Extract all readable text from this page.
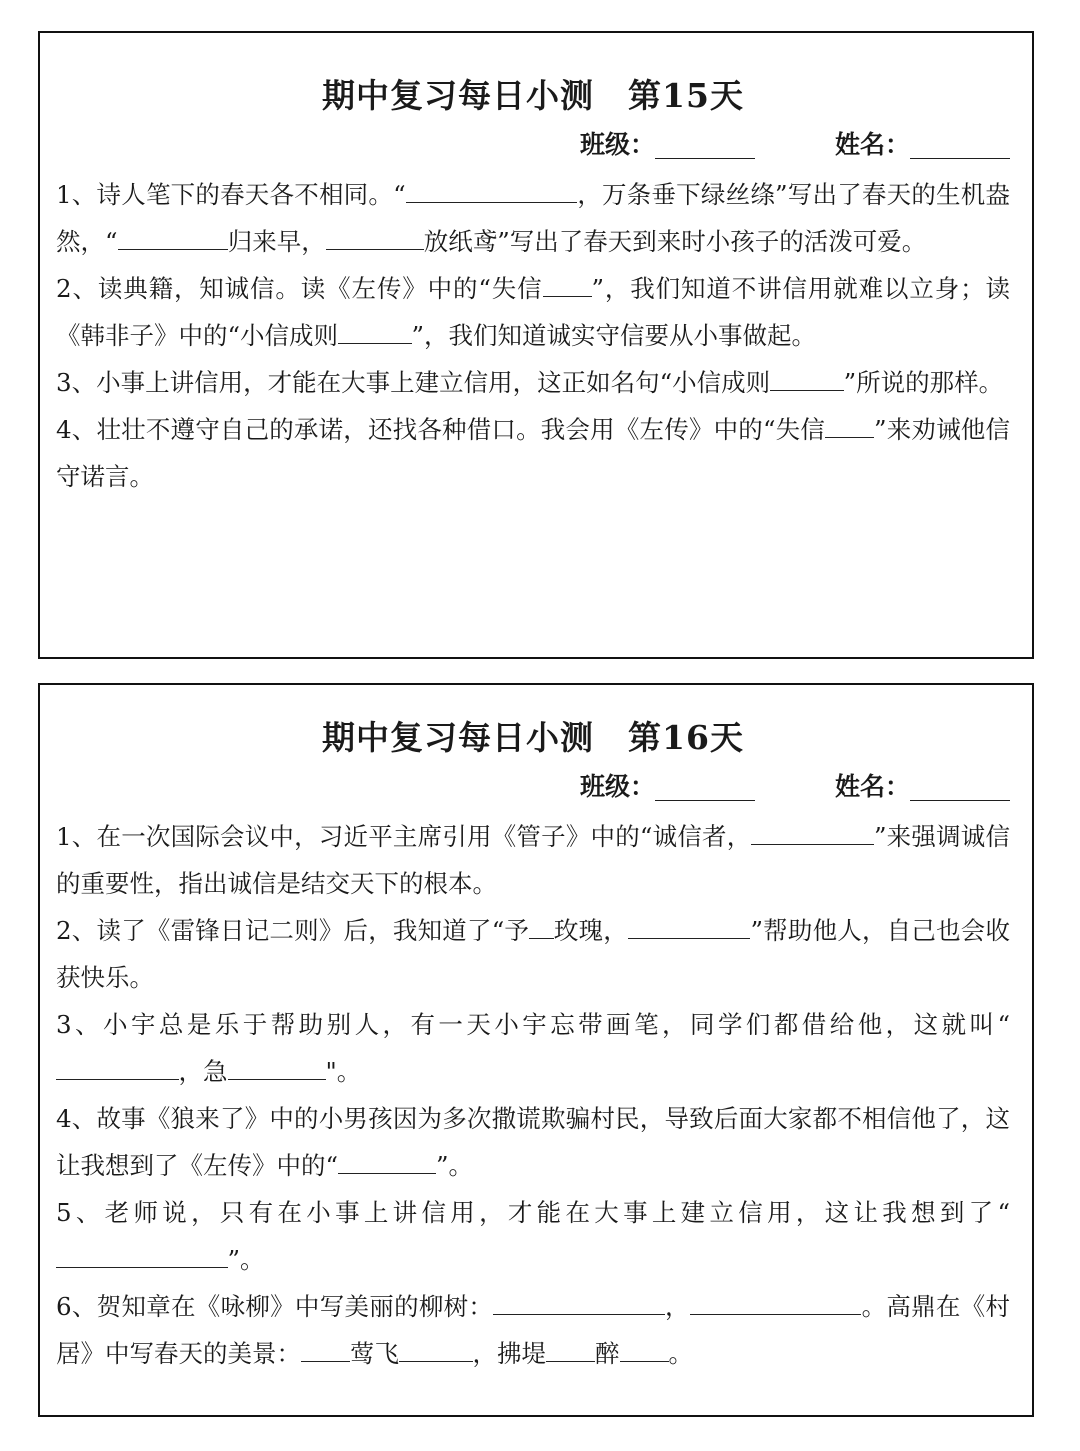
期中复习每日小测　第15天
班级：________	姓名：________

1、诗人笔下的春天各不相同。“	，万条垂下绿丝绦”写出了春天的生机盎然，“	归来早，	放纸鸢”写出了春天到来时小孩子的活泼可爱。

2、读典籍，知诚信。读《左传》中的“失信 ”，我们知道不讲信用就难以立身；读《韩非子》中的“小信成则	”，我们知道诚实守信要从小事做起。

3、小事上讲信用，才能在大事上建立信用，这正如名句“小信成则	”所说的那样。

4、壮壮不遵守自己的承诺，还找各种借口。我会用《左传》中的“失信 ”来劝诫他信守诺言。

期中复习每日小测　第16天
班级：________	姓名：________

1、在一次国际会议中，习近平主席引用《管子》中的“诚信者，	”来强调诚信的重要性，指出诚信是结交天下的根本。

2、读了《雷锋日记二则》后，我知道了“予 玫瑰，	”帮助他人，自己也会收获快乐。

3、小宇总是乐于帮助别人，有一天小宇忘带画笔，同学们都借给他，这就叫“，急	"。

4、故事《狼来了》中的小男孩因为多次撒谎欺骗村民，导致后面大家都不相信他了，这让我想到了《左传》中的“	”。

5、老师说，只有在小事上讲信用，才能在大事上建立信用，这让我想到了“”。

6、贺知章在《咏柳》中写美丽的柳树：	，	。高鼎在《村居》中写春天的美景： 莺飞	，拂堤 醉 。
